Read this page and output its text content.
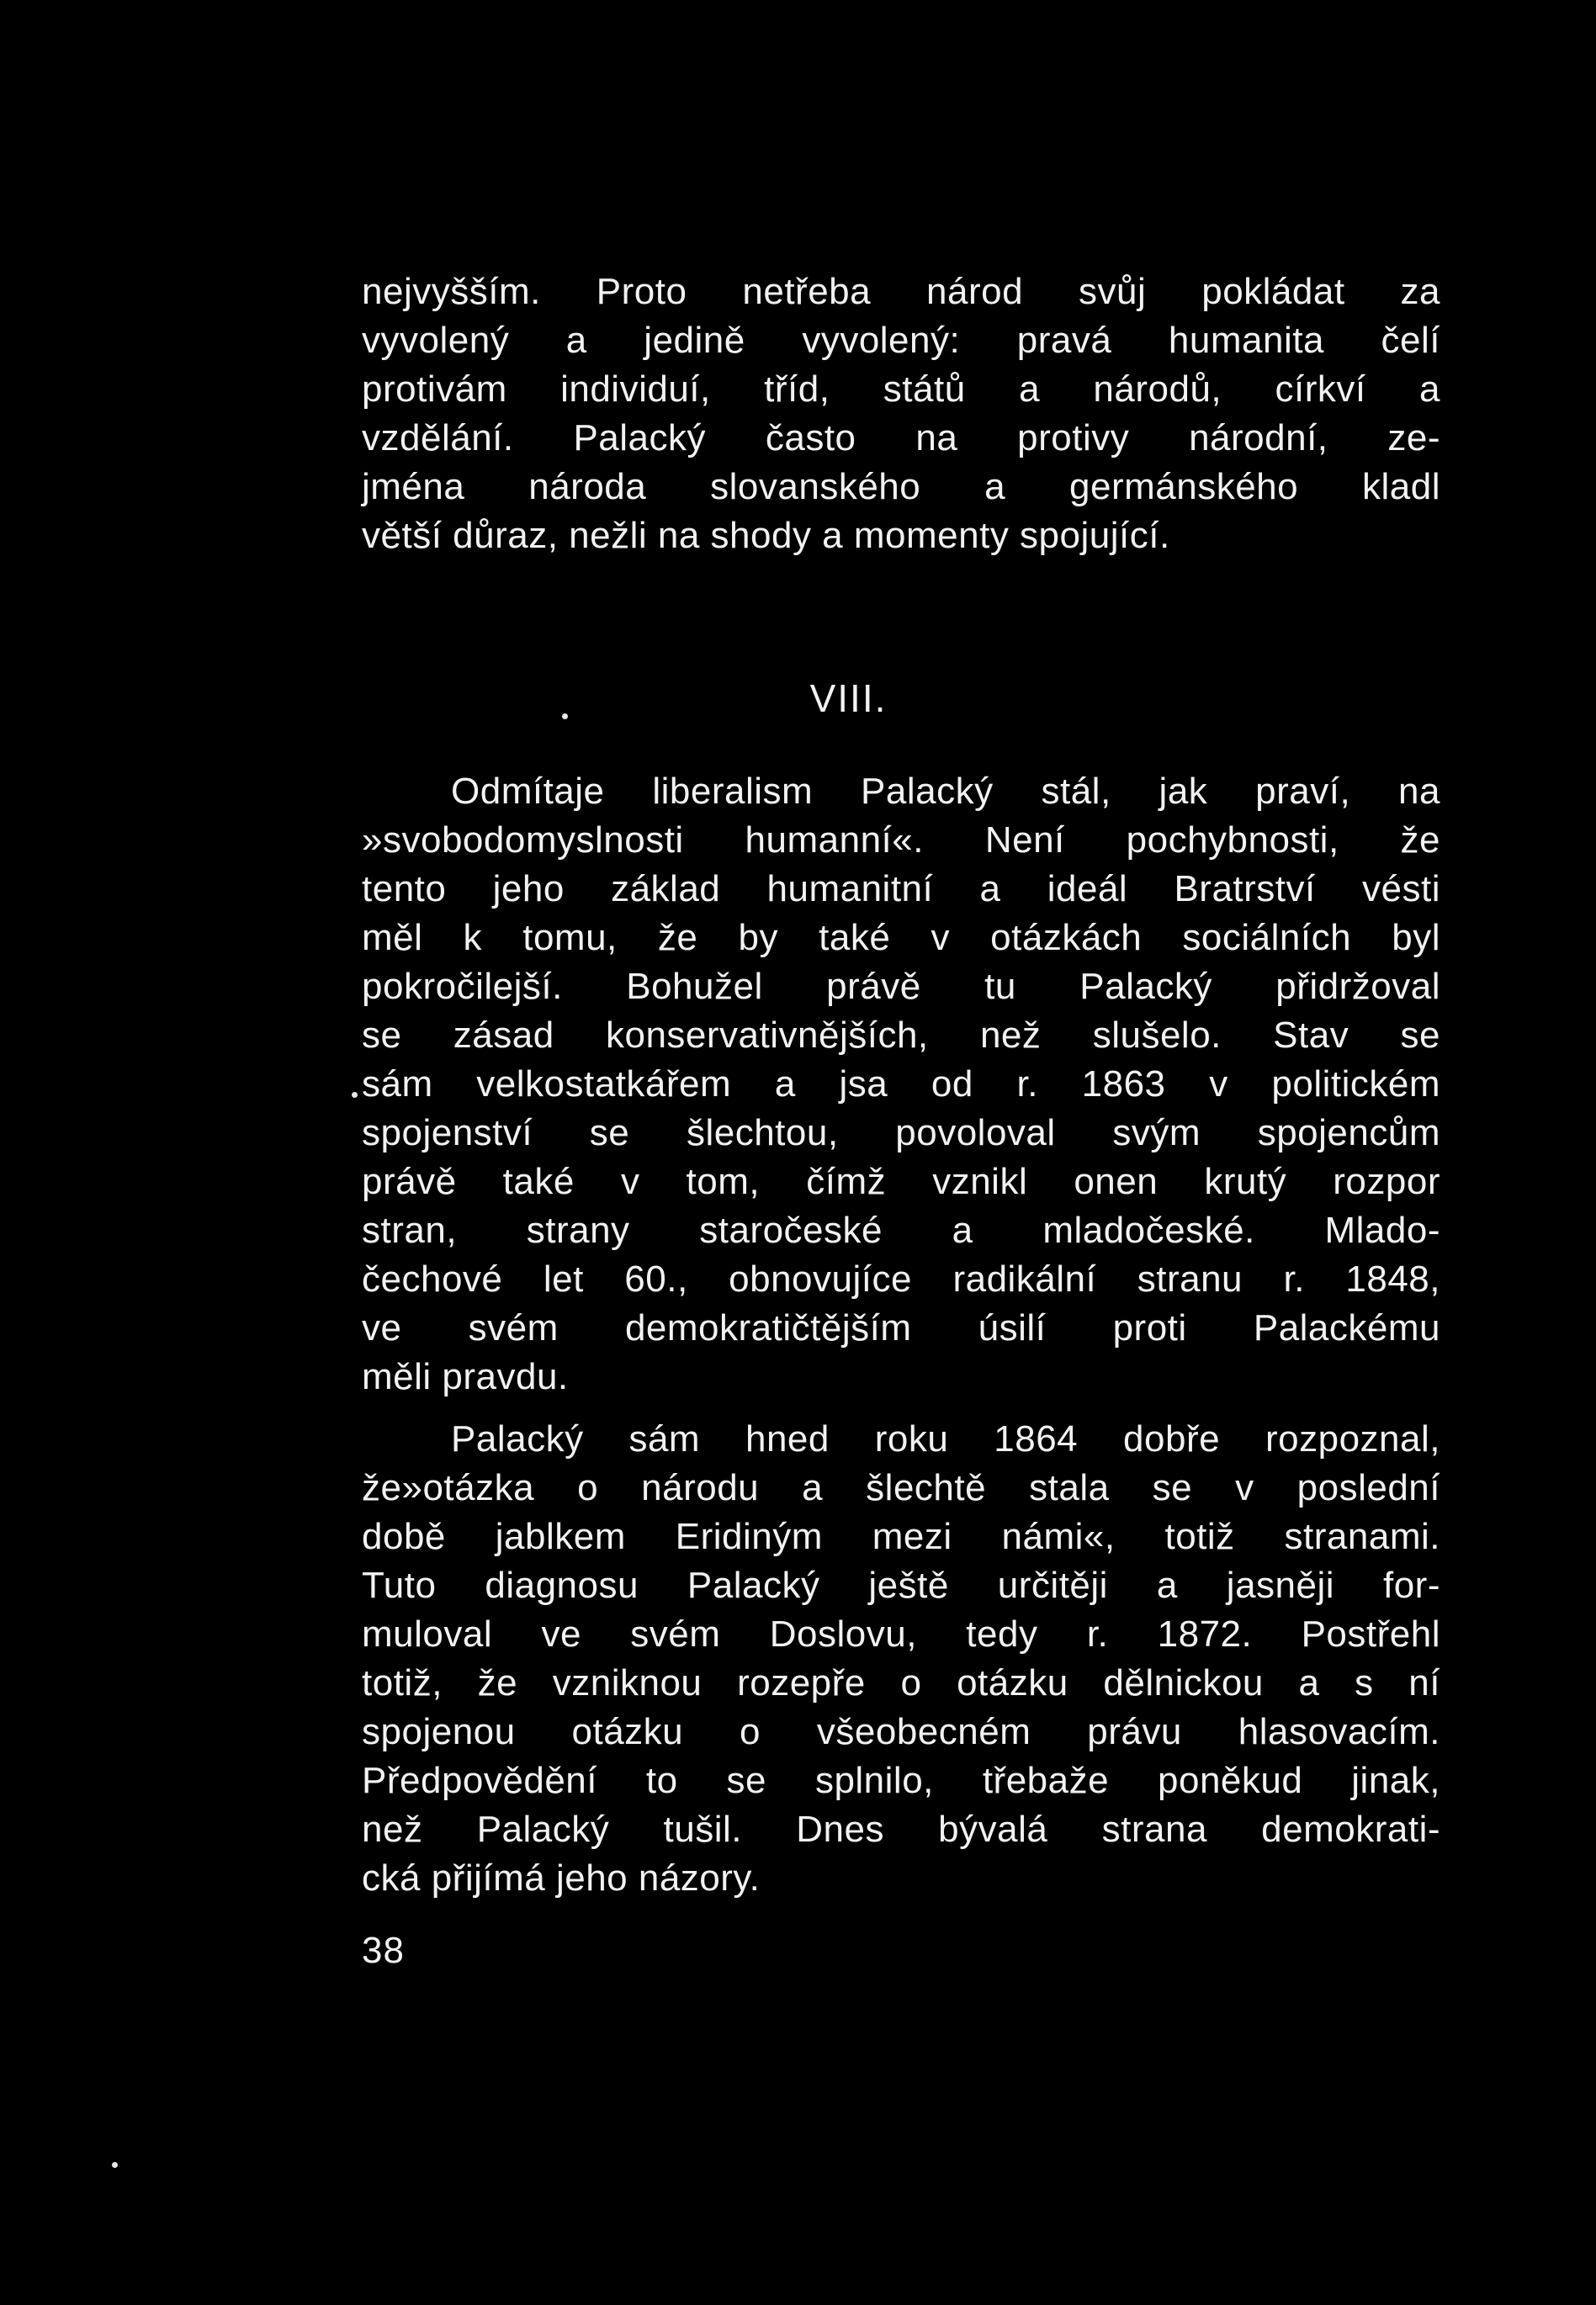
nejvyšším. Proto netřeba národ svůj pokládat za
vyvolený a jedině vyvolený: pravá humanita čelí
protivám individuí, tříd, států a národů, církví a
vzdělání. Palacký často na protivy národní, ze-
jména národa slovanského a germánského kladl
větší důraz, nežli na shody a momenty spojující.
VIII.
Odmítaje liberalism Palacký stál, jak praví, na
»svobodomyslnosti humanní«. Není pochybnosti, že
tento jeho základ humanitní a ideál Bratrství vésti
měl k tomu, že by také v otázkách sociálních byl
pokročilejší. Bohužel právě tu Palacký přidržoval
se zásad konservativnějších, než slušelo. Stav se
sám velkostatkářem a jsa od r. 1863 v politickém
spojenství se šlechtou, povoloval svým spojencům
právě také v tom, čímž vznikl onen krutý rozpor
stran, strany staročeské a mladočeské. Mlado-
čechové let 60., obnovujíce radikální stranu r. 1848,
ve svém demokratičtějším úsilí proti Palackému
měli pravdu.
Palacký sám hned roku 1864 dobře rozpoznal,
že»otázka o národu a šlechtě stala se v poslední
době jablkem Eridiným mezi námi«, totiž stranami.
Tuto diagnosu Palacký ještě určitěji a jasněji for-
muloval ve svém Doslovu, tedy r. 1872. Postřehl
totiž, že vzniknou rozepře o otázku dělnickou a s ní
spojenou otázku o všeobecném právu hlasovacím.
Předpovědění to se splnilo, třebaže poněkud jinak,
než Palacký tušil. Dnes bývalá strana demokrati-
cká přijímá jeho názory.
38
